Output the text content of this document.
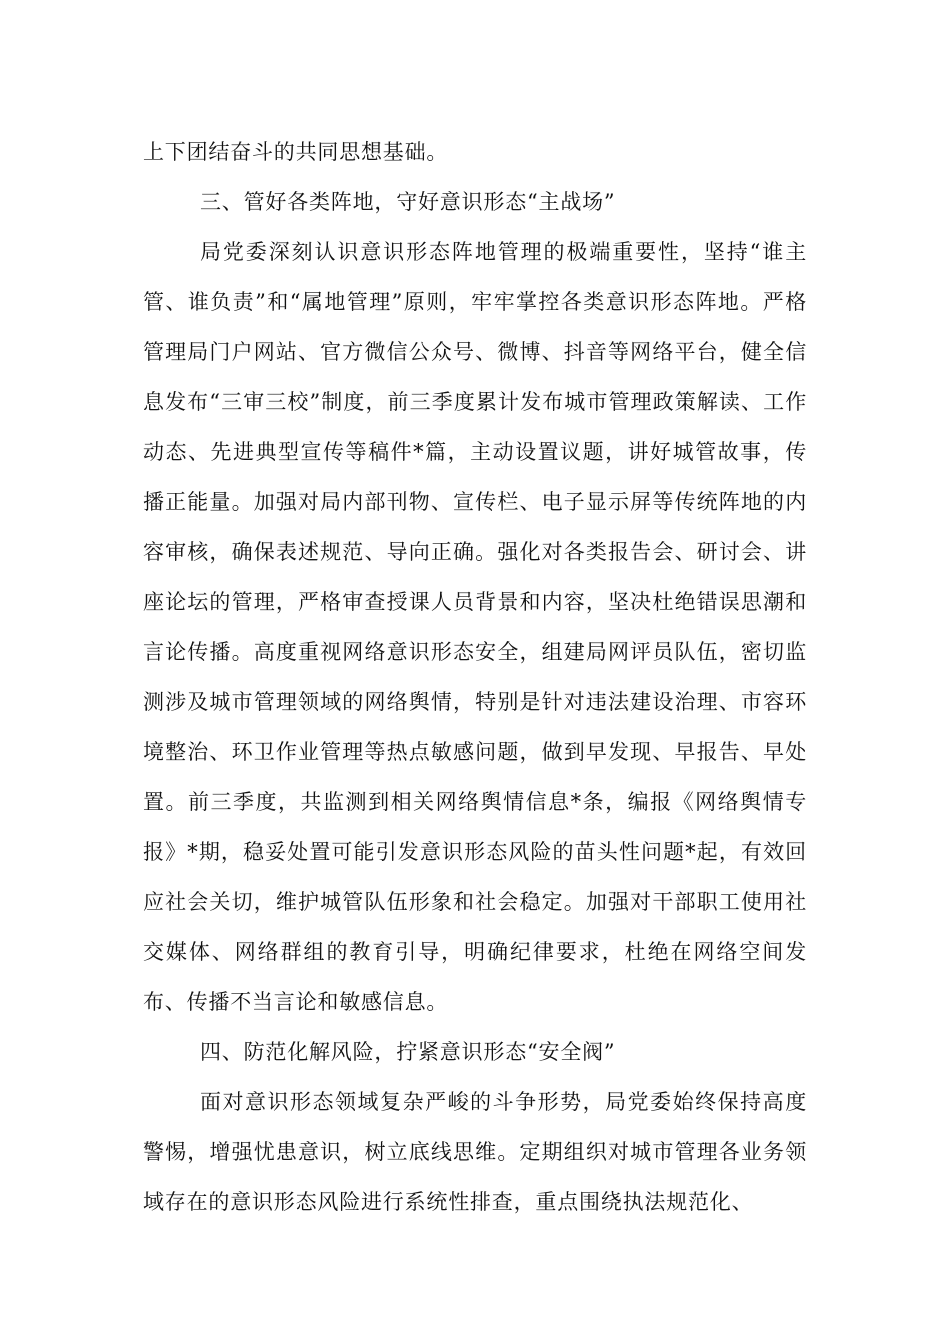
上下团结奋斗的共同思想基础。

三、管好各类阵地，守好意识形态“主战场”

局党委深刻认识意识形态阵地管理的极端重要性，坚持“谁主管、谁负责”和“属地管理”原则，牢牢掌控各类意识形态阵地。严格管理局门户网站、官方微信公众号、微博、抖音等网络平台，健全信息发布“三审三校”制度，前三季度累计发布城市管理政策解读、工作动态、先进典型宣传等稿件*篇，主动设置议题，讲好城管故事，传播正能量。加强对局内部刊物、宣传栏、电子显示屏等传统阵地的内容审核，确保表述规范、导向正确。强化对各类报告会、研讨会、讲座论坛的管理，严格审查授课人员背景和内容，坚决杜绝错误思潮和言论传播。高度重视网络意识形态安全，组建局网评员队伍，密切监测涉及城市管理领域的网络舆情，特别是针对违法建设治理、市容环境整治、环卫作业管理等热点敏感问题，做到早发现、早报告、早处置。前三季度，共监测到相关网络舆情信息*条，编报《网络舆情专报》*期，稳妥处置可能引发意识形态风险的苗头性问题*起，有效回应社会关切，维护城管队伍形象和社会稳定。加强对干部职工使用社交媒体、网络群组的教育引导，明确纪律要求，杜绝在网络空间发布、传播不当言论和敏感信息。

四、防范化解风险，拧紧意识形态“安全阀”

面对意识形态领域复杂严峻的斗争形势，局党委始终保持高度警惕，增强忧患意识，树立底线思维。定期组织对城市管理各业务领域存在的意识形态风险进行系统性排查，重点围绕执法规范化、
